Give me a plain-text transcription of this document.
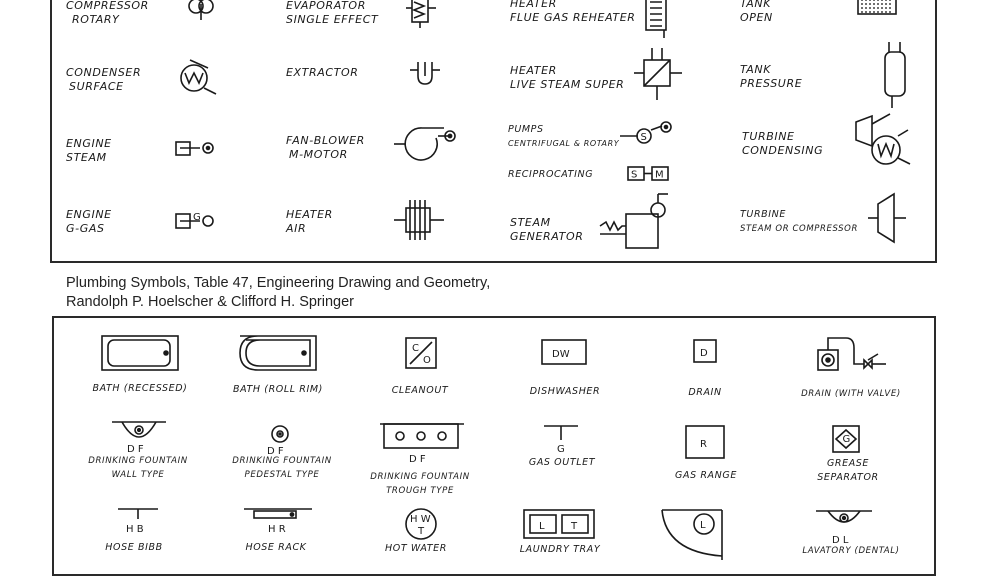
COMPRESSOR
ROTARY
CONDENSER
SURFACE
ENGINE
STEAM
ENGINE
G-GAS
EVAPORATOR
SINGLE EFFECT
EXTRACTOR
FAN-BLOWER
M-MOTOR
HEATER
AIR
HEATER
FLUE GAS REHEATER
HEATER
LIVE STEAM SUPER
PUMPS
CENTRIFUGAL & ROTARY
RECIPROCATING
STEAM
GENERATOR
TANK
OPEN
TANK
PRESSURE
TURBINE
CONDENSING
TURBINE
STEAM OR COMPRESSOR
G
S
S M
Plumbing Symbols, Table 47, Engineering Drawing and Geometry,
Randolph P. Hoelscher & Clifford H. Springer
C
O
DW	D
BATH (RECESSED)	BATH (ROLL RIM)	CLEANOUT	DISHWASHER	DRAIN	DRAIN (WITH VALVE)
D F	D F
D F
G	R	G
DRINKING FOUNTAIN
WALL TYPE
DRINKING FOUNTAIN
PEDESTAL TYPE	DRINKING FOUNTAIN
TROUGH TYPE
GAS OUTLET
GAS RANGE
GREASE
SEPARATOR
H B	H R
H W
T	L	T	L
D L
HOSE BIBB	HOSE RACK	HOT WATER	LAUNDRY TRAY	LAVATORY (DENTAL)
